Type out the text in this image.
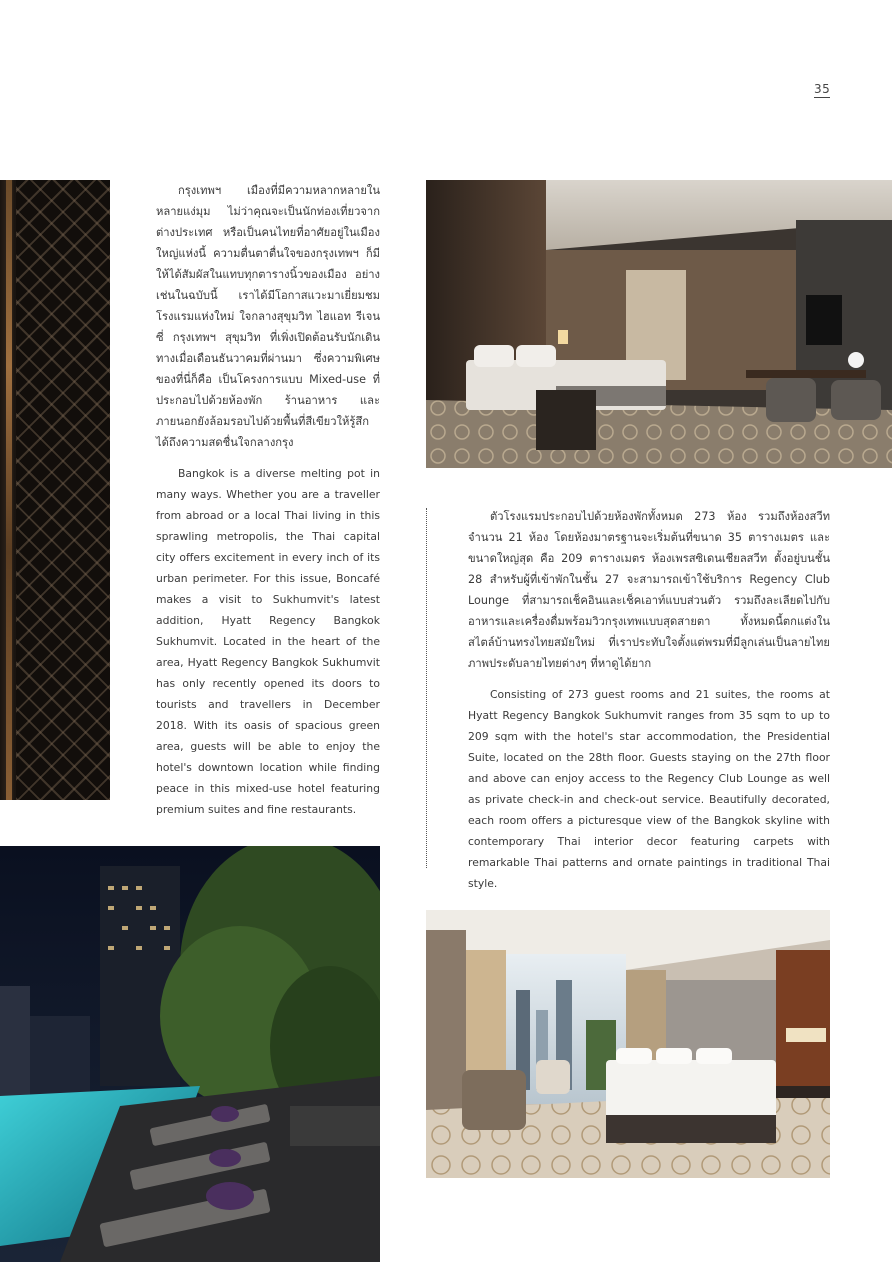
35

กรุงเทพฯ เมืองที่มีความหลากหลายในหลายแง่มุม ไม่ว่าคุณจะเป็นนักท่องเที่ยวจากต่างประเทศ หรือเป็นคนไทยที่อาศัยอยู่ในเมืองใหญ่แห่งนี้ ความตื่นตาตื่นใจของกรุงเทพฯ ก็มีให้ได้สัมผัสในแทบทุกตารางนิ้วของเมือง อย่างเช่นในฉบับนี้ เราได้มีโอกาสแวะมาเยี่ยมชมโรงแรมแห่งใหม่ ใจกลางสุขุมวิท ไฮแอท รีเจนซี่ กรุงเทพฯ สุขุมวิท ที่เพิ่งเปิดต้อนรับนักเดินทางเมื่อเดือนธันวาคมที่ผ่านมา ซึ่งความพิเศษของที่นี่ก็คือ เป็นโครงการแบบ Mixed-use ที่ประกอบไปด้วยห้องพัก ร้านอาหาร และภายนอกยังล้อมรอบไปด้วยพื้นที่สีเขียวให้รู้สึกได้ถึงความสดชื่นใจกลางกรุง

Bangkok is a diverse melting pot in many ways. Whether you are a traveller from abroad or a local Thai living in this sprawling metropolis, the Thai capital city offers excitement in every inch of its urban perimeter. For this issue, Boncafé makes a visit to Sukhumvit's latest addition, Hyatt Regency Bangkok Sukhumvit. Located in the heart of the area, Hyatt Regency Bangkok Sukhumvit has only recently opened its doors to tourists and travellers in December 2018. With its oasis of spacious green area, guests will be able to enjoy the hotel's downtown location while finding peace in this mixed-use hotel featuring premium suites and fine restaurants.

ตัวโรงแรมประกอบไปด้วยห้องพักทั้งหมด 273 ห้อง รวมถึงห้องสวีทจำนวน 21 ห้อง โดยห้องมาตรฐานจะเริ่มต้นที่ขนาด 35 ตารางเมตร และขนาดใหญ่สุด คือ 209 ตารางเมตร ห้องเพรสซิเดนเชียลสวีท ตั้งอยู่บนชั้น 28 สำหรับผู้ที่เข้าพักในชั้น 27 จะสามารถเข้าใช้บริการ Regency Club Lounge ที่สามารถเช็คอินและเช็คเอาท์แบบส่วนตัว รวมถึงละเลียดไปกับอาหารและเครื่องดื่มพร้อมวิวกรุงเทพแบบสุดสายตา ทั้งหมดนี้ตกแต่งในสไตล์บ้านทรงไทยสมัยใหม่ ที่เราประทับใจตั้งแต่พรมที่มีลูกเล่นเป็นลายไทย ภาพประดับลายไทยต่างๆ ที่หาดูได้ยาก

Consisting of 273 guest rooms and 21 suites, the rooms at Hyatt Regency Bangkok Sukhumvit ranges from 35 sqm to up to 209 sqm with the hotel's star accommodation, the Presidential Suite, located on the 28th floor. Guests staying on the 27th floor and above can enjoy access to the Regency Club Lounge as well as private check-in and check-out service. Beautifully decorated, each room offers a picturesque view of the Bangkok skyline with contemporary Thai interior decor featuring carpets with remarkable Thai patterns and ornate paintings in traditional Thai style.
